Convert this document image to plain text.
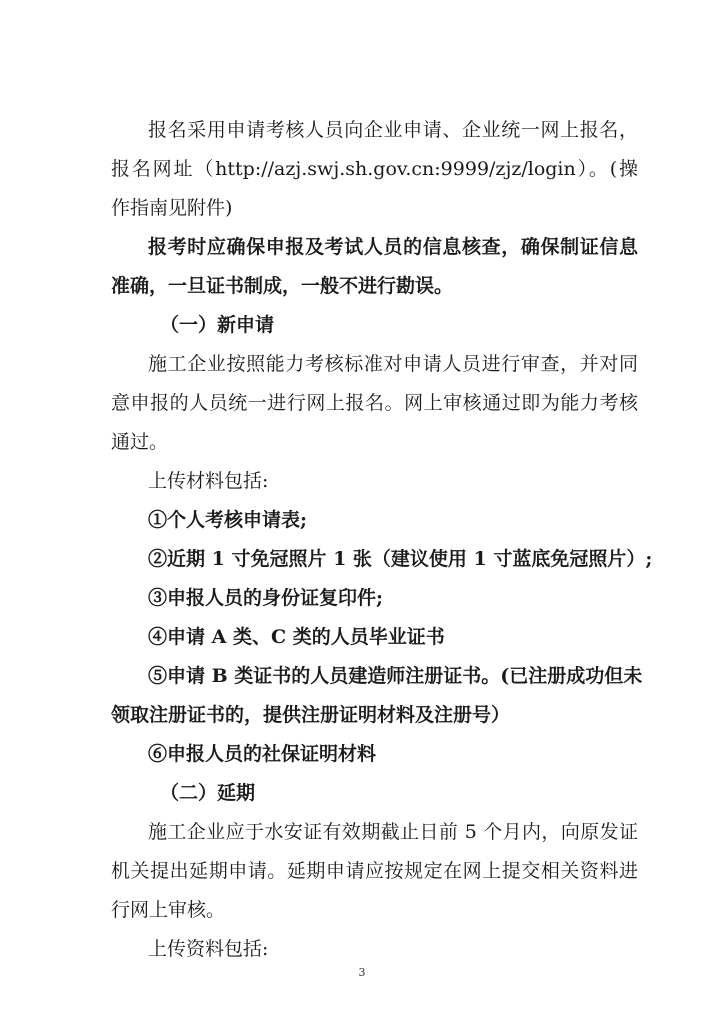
报名采用申请考核人员向企业申请、企业统一网上报名，
报名网址（http://azj.swj.sh.gov.cn:9999/zjz/login）。(操
作指南见附件)
报考时应确保申报及考试人员的信息核查，确保制证信息
准确，一旦证书制成，一般不进行勘误。
（一）新申请
施工企业按照能力考核标准对申请人员进行审查，并对同
意申报的人员统一进行网上报名。网上审核通过即为能力考核
通过。
上传材料包括:
①个人考核申请表;
②近期 1 寸免冠照片 1 张（建议使用 1 寸蓝底免冠照片）;
③申报人员的身份证复印件;
④申请 A 类、C 类的人员毕业证书
⑤申请 B 类证书的人员建造师注册证书。(已注册成功但未
领取注册证书的，提供注册证明材料及注册号）
⑥申报人员的社保证明材料
（二）延期
施工企业应于水安证有效期截止日前 5 个月内，向原发证
机关提出延期申请。延期申请应按规定在网上提交相关资料进
行网上审核。
上传资料包括:
3
